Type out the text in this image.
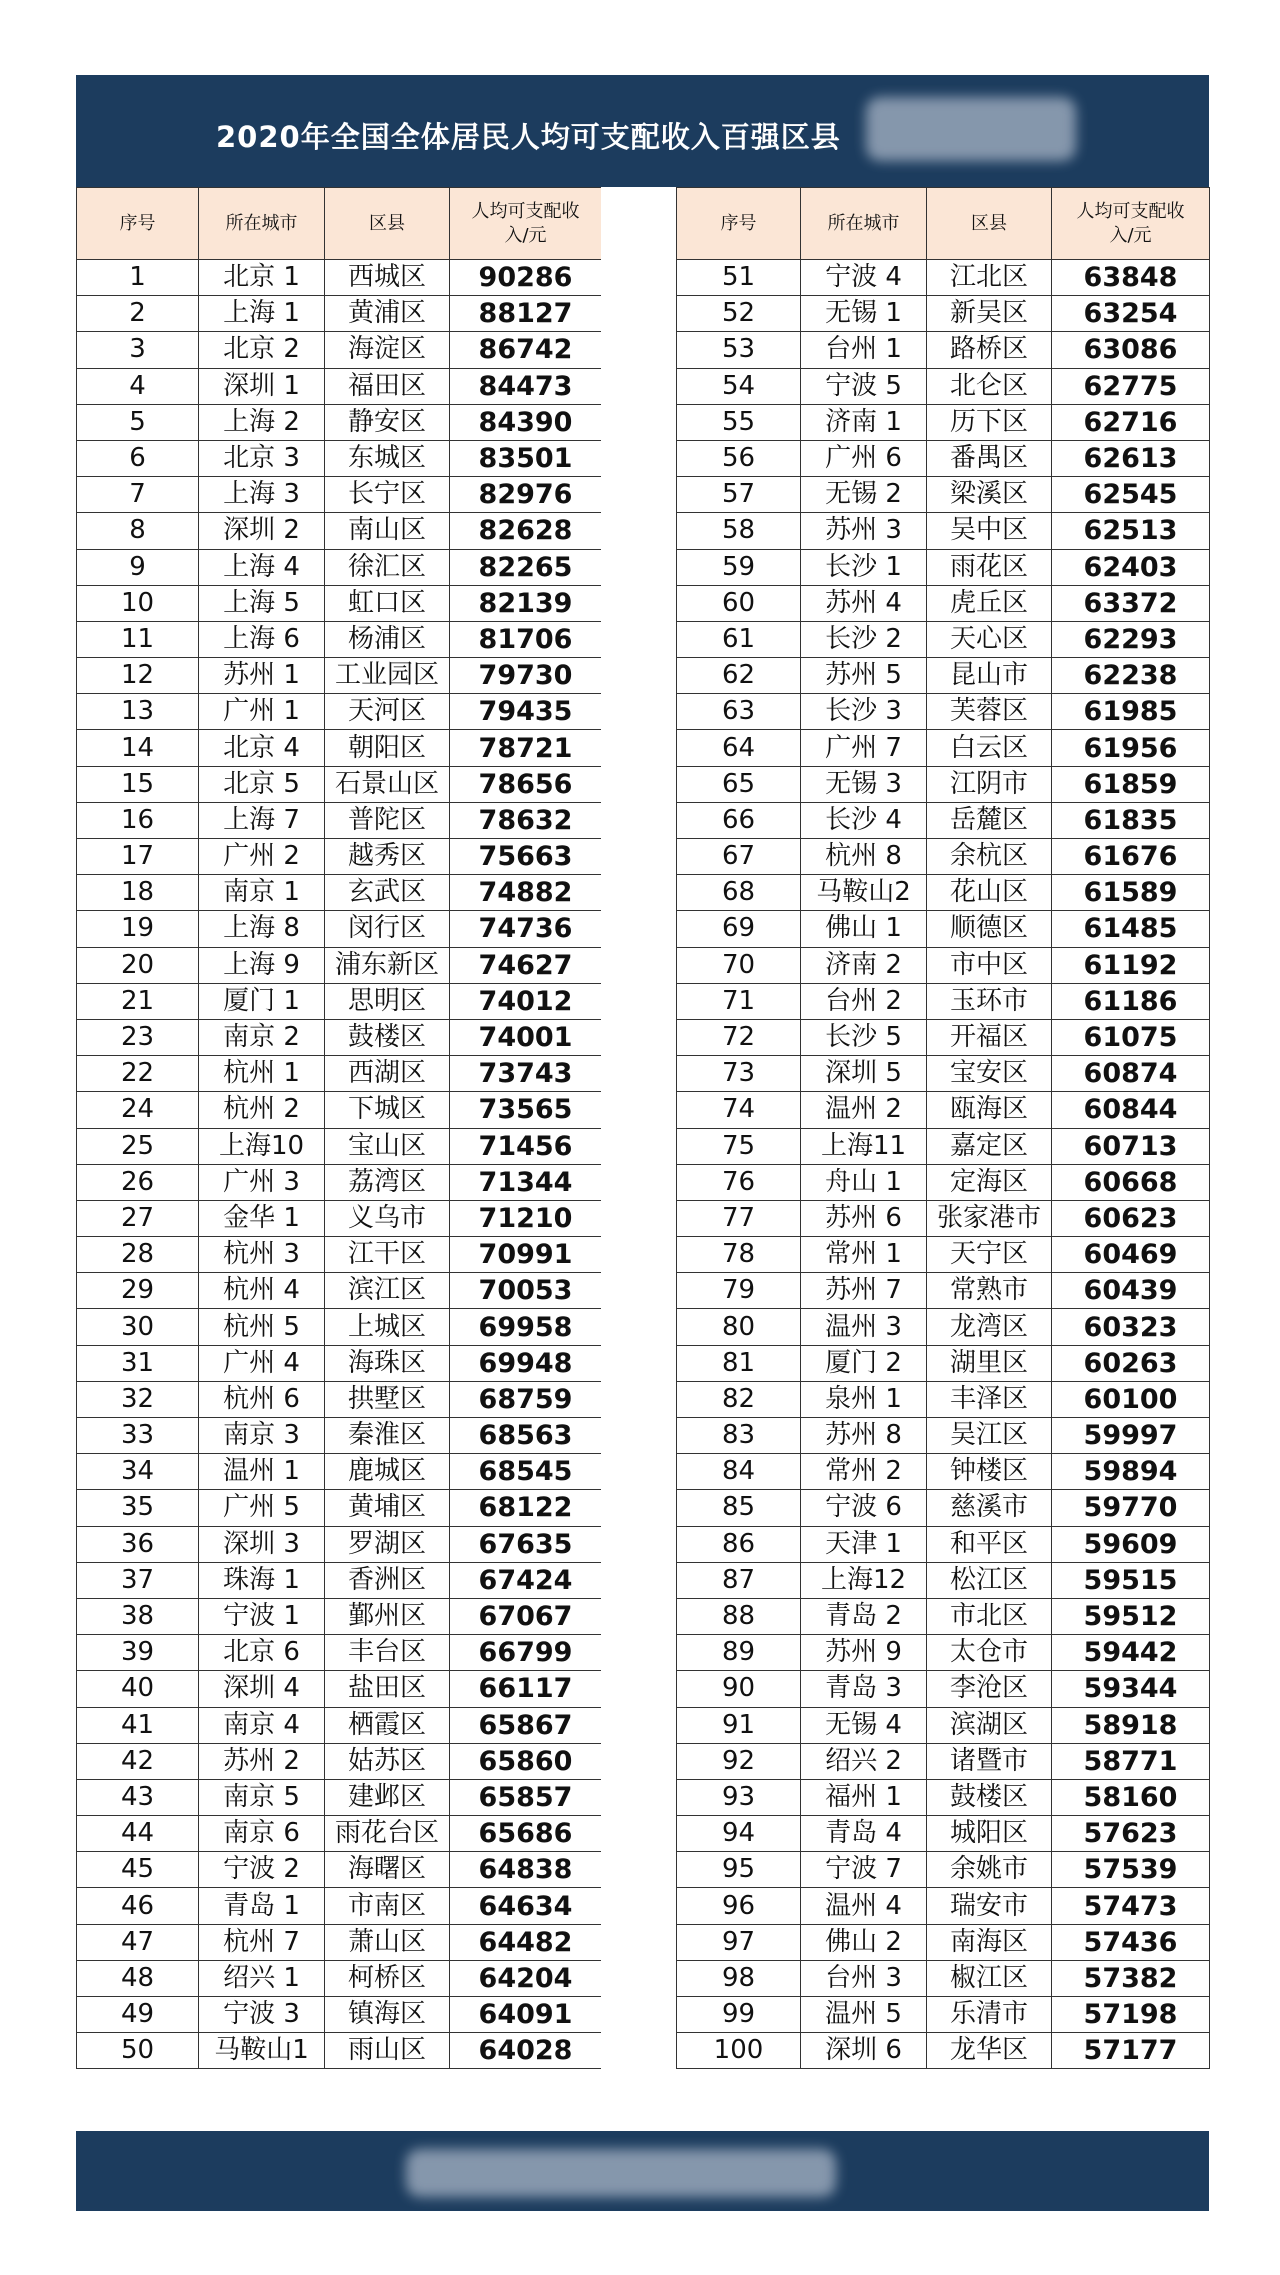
2020年全国全体居民人均可支配收入百强区县
序号	所在城市	区县	人均可支配收
入/元
1	北京 1	西城区	90286
2	上海 1	黄浦区	88127
3	北京 2	海淀区	86742
4	深圳 1	福田区	84473
5	上海 2	静安区	84390
6	北京 3	东城区	83501
7	上海 3	长宁区	82976
8	深圳 2	南山区	82628
9	上海 4	徐汇区	82265
10	上海 5	虹口区	82139
11	上海 6	杨浦区	81706
12	苏州 1	工业园区	79730
13	广州 1	天河区	79435
14	北京 4	朝阳区	78721
15	北京 5	石景山区	78656
16	上海 7	普陀区	78632
17	广州 2	越秀区	75663
18	南京 1	玄武区	74882
19	上海 8	闵行区	74736
20	上海 9	浦东新区	74627
21	厦门 1	思明区	74012
23	南京 2	鼓楼区	74001
22	杭州 1	西湖区	73743
24	杭州 2	下城区	73565
25	上海10	宝山区	71456
26	广州 3	荔湾区	71344
27	金华 1	义乌市	71210
28	杭州 3	江干区	70991
29	杭州 4	滨江区	70053
30	杭州 5	上城区	69958
31	广州 4	海珠区	69948
32	杭州 6	拱墅区	68759
33	南京 3	秦淮区	68563
34	温州 1	鹿城区	68545
35	广州 5	黄埔区	68122
36	深圳 3	罗湖区	67635
37	珠海 1	香洲区	67424
38	宁波 1	鄞州区	67067
39	北京 6	丰台区	66799
40	深圳 4	盐田区	66117
41	南京 4	栖霞区	65867
42	苏州 2	姑苏区	65860
43	南京 5	建邺区	65857
44	南京 6	雨花台区	65686
45	宁波 2	海曙区	64838
46	青岛 1	市南区	64634
47	杭州 7	萧山区	64482
48	绍兴 1	柯桥区	64204
49	宁波 3	镇海区	64091
50	马鞍山1	雨山区	64028
序号	所在城市	区县	人均可支配收
入/元
51	宁波 4	江北区	63848
52	无锡 1	新吴区	63254
53	台州 1	路桥区	63086
54	宁波 5	北仑区	62775
55	济南 1	历下区	62716
56	广州 6	番禺区	62613
57	无锡 2	梁溪区	62545
58	苏州 3	吴中区	62513
59	长沙 1	雨花区	62403
60	苏州 4	虎丘区	63372
61	长沙 2	天心区	62293
62	苏州 5	昆山市	62238
63	长沙 3	芙蓉区	61985
64	广州 7	白云区	61956
65	无锡 3	江阴市	61859
66	长沙 4	岳麓区	61835
67	杭州 8	余杭区	61676
68	马鞍山2	花山区	61589
69	佛山 1	顺德区	61485
70	济南 2	市中区	61192
71	台州 2	玉环市	61186
72	长沙 5	开福区	61075
73	深圳 5	宝安区	60874
74	温州 2	瓯海区	60844
75	上海11	嘉定区	60713
76	舟山 1	定海区	60668
77	苏州 6	张家港市	60623
78	常州 1	天宁区	60469
79	苏州 7	常熟市	60439
80	温州 3	龙湾区	60323
81	厦门 2	湖里区	60263
82	泉州 1	丰泽区	60100
83	苏州 8	吴江区	59997
84	常州 2	钟楼区	59894
85	宁波 6	慈溪市	59770
86	天津 1	和平区	59609
87	上海12	松江区	59515
88	青岛 2	市北区	59512
89	苏州 9	太仓市	59442
90	青岛 3	李沧区	59344
91	无锡 4	滨湖区	58918
92	绍兴 2	诸暨市	58771
93	福州 1	鼓楼区	58160
94	青岛 4	城阳区	57623
95	宁波 7	余姚市	57539
96	温州 4	瑞安市	57473
97	佛山 2	南海区	57436
98	台州 3	椒江区	57382
99	温州 5	乐清市	57198
100	深圳 6	龙华区	57177
